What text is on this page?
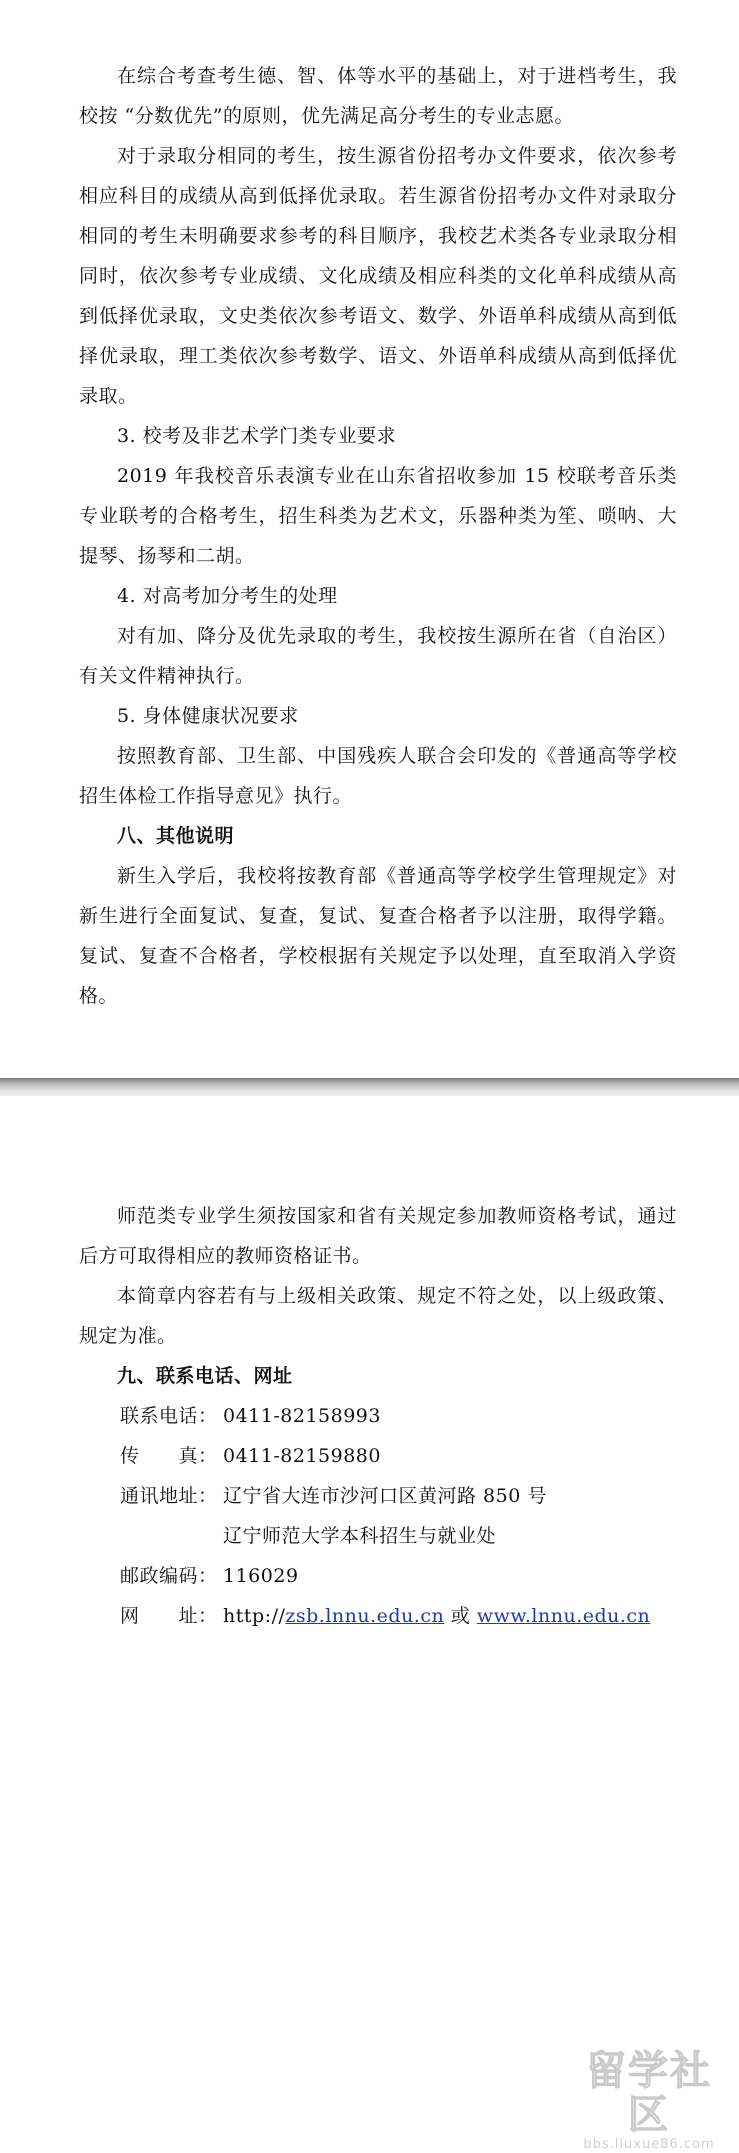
在综合考查考生德、智、体等水平的基础上，对于进档考生，我校按 “分数优先”的原则，优先满足高分考生的专业志愿。

对于录取分相同的考生，按生源省份招考办文件要求，依次参考相应科目的成绩从高到低择优录取。若生源省份招考办文件对录取分相同的考生未明确要求参考的科目顺序，我校艺术类各专业录取分相同时，依次参考专业成绩、文化成绩及相应科类的文化单科成绩从高到低择优录取，文史类依次参考语文、数学、外语单科成绩从高到低择优录取，理工类依次参考数学、语文、外语单科成绩从高到低择优录取。

3. 校考及非艺术学门类专业要求

2019 年我校音乐表演专业在山东省招收参加 15 校联考音乐类专业联考的合格考生，招生科类为艺术文，乐器种类为笙、唢呐、大提琴、扬琴和二胡。

4. 对高考加分考生的处理

对有加、降分及优先录取的考生，我校按生源所在省（自治区）有关文件精神执行。

5. 身体健康状况要求

按照教育部、卫生部、中国残疾人联合会印发的《普通高等学校招生体检工作指导意见》执行。

八、其他说明

新生入学后，我校将按教育部《普通高等学校学生管理规定》对新生进行全面复试、复查，复试、复查合格者予以注册，取得学籍。复试、复查不合格者，学校根据有关规定予以处理，直至取消入学资格。

师范类专业学生须按国家和省有关规定参加教师资格考试，通过后方可取得相应的教师资格证书。

本简章内容若有与上级相关政策、规定不符之处，以上级政策、规定为准。

九、联系电话、网址

联系电话： 0411-82158993
传　　真： 0411-82159880
通讯地址： 辽宁省大连市沙河口区黄河路 850 号
辽宁师范大学本科招生与就业处
邮政编码： 116029
网　　址： http://zsb.lnnu.edu.cn 或 www.lnnu.edu.cn
留学社区
bbs.liuxue86.com
